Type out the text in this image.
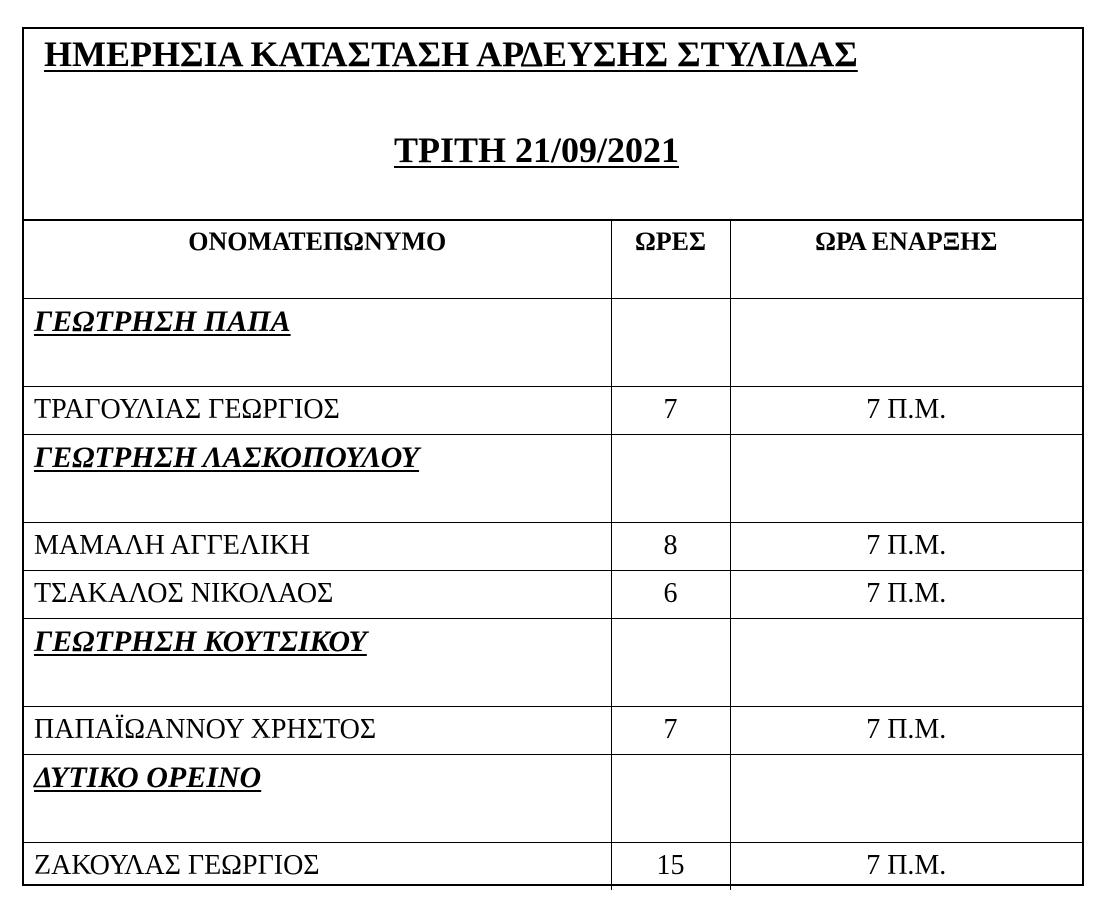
ΗΜΕΡΗΣΙΑ ΚΑΤΑΣΤΑΣΗ ΑΡΔΕΥΣΗΣ ΣΤΥΛΙΔΑΣ
ΤΡΙΤΗ 21/09/2021
ΟΝΟΜΑΤΕΠΩΝΥΜΟ	ΩΡΕΣ	ΩΡΑ ΕΝΑΡΞΗΣ
ΓΕΩΤΡΗΣΗ ΠΑΠΑ		
ΤΡΑΓΟΥΛΙΑΣ ΓΕΩΡΓΙΟΣ	7	7 Π.Μ.
ΓΕΩΤΡΗΣΗ ΛΑΣΚΟΠΟΥΛΟΥ		
ΜΑΜΑΛΗ ΑΓΓΕΛΙΚΗ	8	7 Π.Μ.
ΤΣΑΚΑΛΟΣ ΝΙΚΟΛΑΟΣ	6	7 Π.Μ.
ΓΕΩΤΡΗΣΗ ΚΟΥΤΣΙΚΟΥ		
ΠΑΠΑΪΩΑΝΝΟΥ ΧΡΗΣΤΟΣ	7	7 Π.Μ.
ΔΥΤΙΚΟ ΟΡΕΙΝΟ		
ΖΑΚΟΥΛΑΣ ΓΕΩΡΓΙΟΣ	15	7 Π.Μ.
